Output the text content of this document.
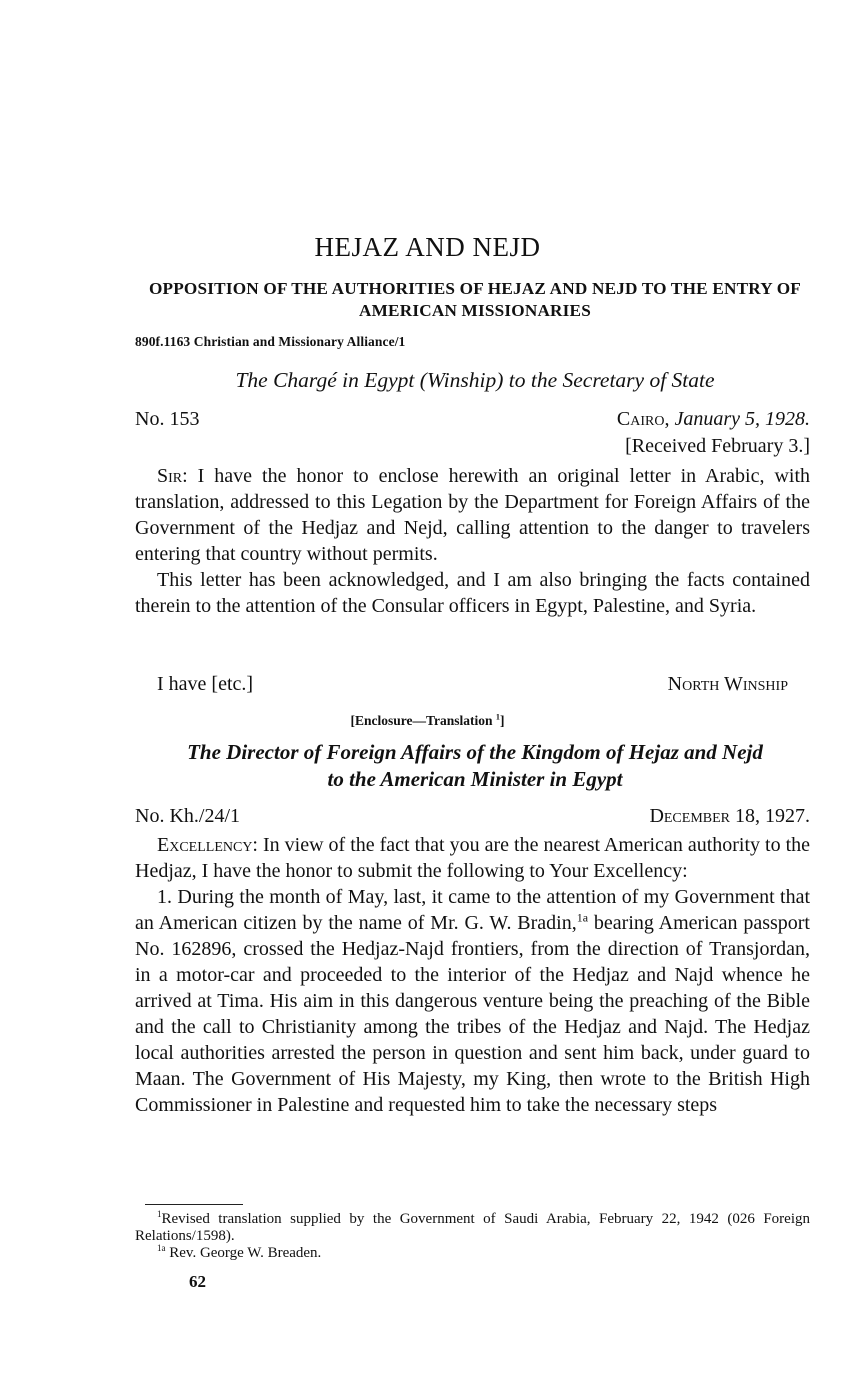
HEJAZ AND NEJD
OPPOSITION OF THE AUTHORITIES OF HEJAZ AND NEJD TO THE ENTRY OF AMERICAN MISSIONARIES
890f.1163 Christian and Missionary Alliance/1
The Chargé in Egypt (Winship) to the Secretary of State
No. 153	Cairo, January 5, 1928.
[Received February 3.]

Sir: I have the honor to enclose herewith an original letter in Arabic, with translation, addressed to this Legation by the Department for Foreign Affairs of the Government of the Hedjaz and Nejd, calling attention to the danger to travelers entering that country without permits.

This letter has been acknowledged, and I am also bringing the facts contained therein to the attention of the Consular officers in Egypt, Palestine, and Syria.

I have [etc.]	North Winship
[Enclosure—Translation $^1$]
The Director of Foreign Affairs of the Kingdom of Hejaz and Nejd
to the American Minister in Egypt
No. Kh./24/1	December 18, 1927.

Excellency: In view of the fact that you are the nearest American authority to the Hedjaz, I have the honor to submit the following to Your Excellency:

1. During the month of May, last, it came to the attention of my Government that an American citizen by the name of Mr. G. W. Bradin,$^{1a}$ bearing American passport No. 162896, crossed the Hedjaz-Najd frontiers, from the direction of Transjordan, in a motor-car and proceeded to the interior of the Hedjaz and Najd whence he arrived at Tima. His aim in this dangerous venture being the preaching of the Bible and the call to Christianity among the tribes of the Hedjaz and Najd. The Hedjaz local authorities arrested the person in question and sent him back, under guard to Maan. The Government of His Majesty, my King, then wrote to the British High Commissioner in Palestine and requested him to take the necessary steps

$^1$Revised translation supplied by the Government of Saudi Arabia, February 22, 1942 (026 Foreign Relations/1598).

$^{1a}$ Rev. George W. Breaden.

62
